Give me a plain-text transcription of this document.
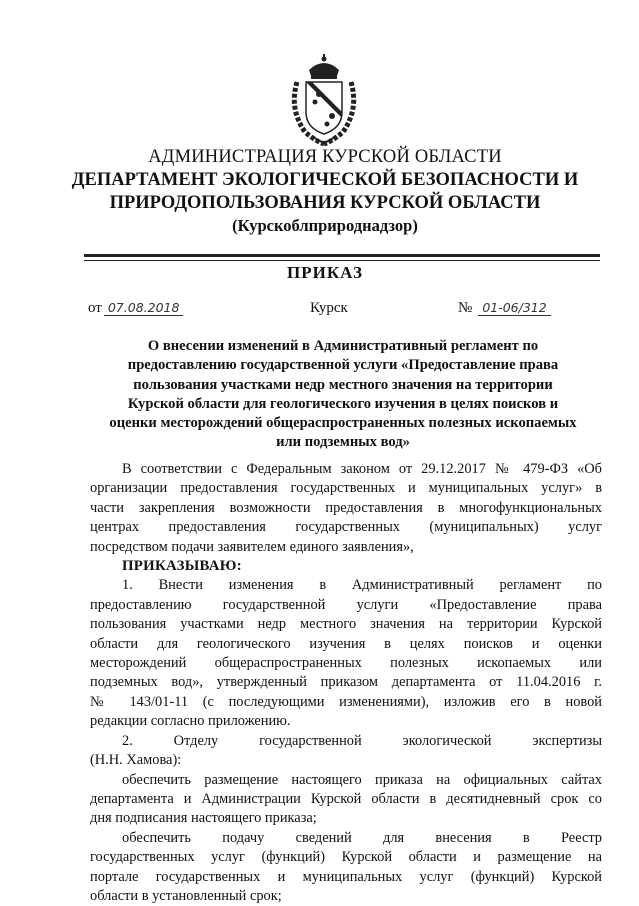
АДМИНИСТРАЦИЯ КУРСКОЙ ОБЛАСТИ
ДЕПАРТАМЕНТ ЭКОЛОГИЧЕСКОЙ БЕЗОПАСНОСТИ И
ПРИРОДОПОЛЬЗОВАНИЯ КУРСКОЙ ОБЛАСТИ
(Курскоблприроднадзор)
ПРИКАЗ
от 07.08.2018	Курск	№ 01-06/312
О внесении изменений в Административный регламент по
предоставлению государственной услуги «Предоставление права
пользования участками недр местного значения на территории
Курской области для геологического изучения в целях поисков и
оценки месторождений общераспространенных полезных ископаемых
или подземных вод»
В соответствии с Федеральным законом от 29.12.2017 № 479-ФЗ «Об
организации предоставления государственных и муниципальных услуг» в
части закрепления возможности предоставления в многофункциональных
центрах предоставления государственных (муниципальных) услуг
посредством подачи заявителем единого заявления»,
ПРИКАЗЫВАЮ:
1. Внести изменения в Административный регламент по
предоставлению государственной услуги «Предоставление права
пользования участками недр местного значения на территории Курской
области для геологического изучения в целях поисков и оценки
месторождений общераспространенных полезных ископаемых или
подземных вод», утвержденный приказом департамента от 11.04.2016 г.
№ 143/01-11 (с последующими изменениями), изложив его в новой
редакции согласно приложению.
2. Отделу государственной экологической экспертизы
(Н.Н. Хамова):
обеспечить размещение настоящего приказа на официальных сайтах
департамента и Администрации Курской области в десятидневный срок со
дня подписания настоящего приказа;
обеспечить подачу сведений для внесения в Реестр
государственных услуг (функций) Курской области и размещение на
портале государственных и муниципальных услуг (функций) Курской
области в установленный срок;
